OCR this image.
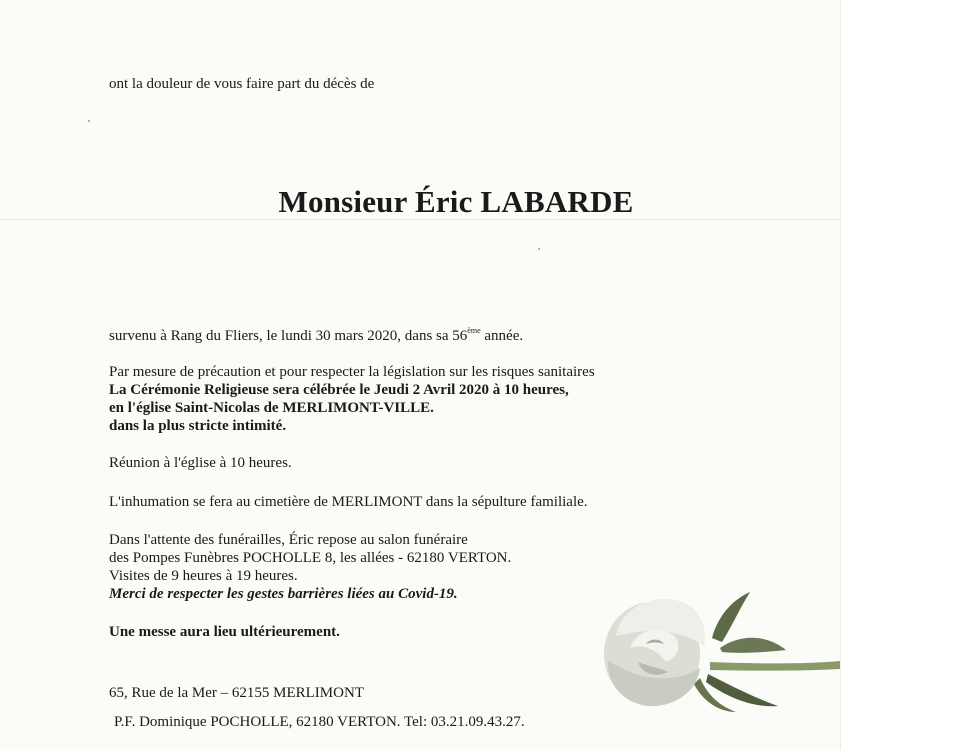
ont la douleur de vous faire part du décès de
Monsieur Éric LABARDE
survenu à Rang du Fliers, le lundi 30 mars 2020, dans sa 56ème année.
Par mesure de précaution et pour respecter la législation sur les risques sanitaires
La Cérémonie Religieuse sera célébrée le Jeudi 2 Avril 2020 à 10 heures,
en l'église Saint-Nicolas de MERLIMONT-VILLE.
dans la plus stricte intimité.
Réunion à l'église à 10 heures.
L'inhumation se fera au cimetière de MERLIMONT dans la sépulture familiale.
Dans l'attente des funérailles, Éric repose au salon funéraire
des Pompes Funèbres POCHOLLE 8, les allées - 62180 VERTON.
Visites de 9 heures à 19 heures.
Merci de respecter les gestes barrières liées au Covid-19.
Une messe aura lieu ultérieurement.
65, Rue de la Mer – 62155 MERLIMONT
P.F. Dominique POCHOLLE, 62180 VERTON. Tel: 03.21.09.43.27.
